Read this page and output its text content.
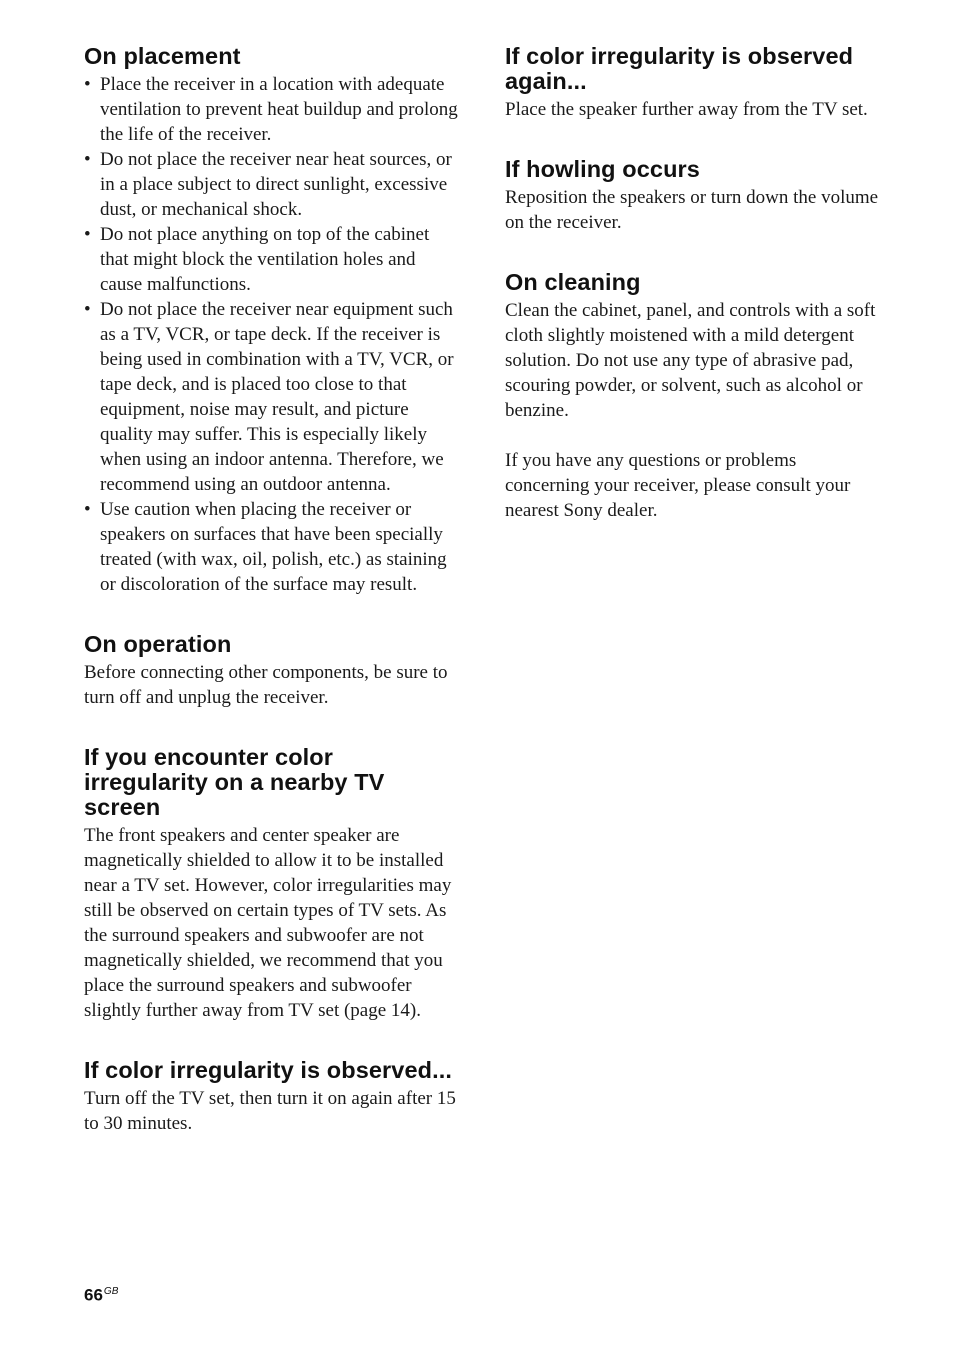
On placement
• Place the receiver in a location with adequate ventilation to prevent heat buildup and prolong the life of the receiver.
• Do not place the receiver near heat sources, or in a place subject to direct sunlight, excessive dust, or mechanical shock.
• Do not place anything on top of the cabinet that might block the ventilation holes and cause malfunctions.
• Do not place the receiver near equipment such as a TV, VCR, or tape deck. If the receiver is being used in combination with a TV, VCR, or tape deck, and is placed too close to that equipment, noise may result, and picture quality may suffer. This is especially likely when using an indoor antenna. Therefore, we recommend using an outdoor antenna.
• Use caution when placing the receiver or speakers on surfaces that have been specially treated (with wax, oil, polish, etc.) as staining or discoloration of the surface may result.
On operation

Before connecting other components, be sure to turn off and unplug the receiver.

If you encounter color irregularity on a nearby TV screen

The front speakers and center speaker are magnetically shielded to allow it to be installed near a TV set. However, color irregularities may still be observed on certain types of TV sets. As the surround speakers and subwoofer are not magnetically shielded, we recommend that you place the surround speakers and subwoofer slightly further away from TV set (page 14).

If color irregularity is observed...

Turn off the TV set, then turn it on again after 15 to 30 minutes.

If color irregularity is observed again...

Place the speaker further away from the TV set.

If howling occurs

Reposition the speakers or turn down the volume on the receiver.

On cleaning

Clean the cabinet, panel, and controls with a soft cloth slightly moistened with a mild detergent solution. Do not use any type of abrasive pad, scouring powder, or solvent, such as alcohol or benzine.

If you have any questions or problems concerning your receiver, please consult your nearest Sony dealer.

$66^{GB}$
